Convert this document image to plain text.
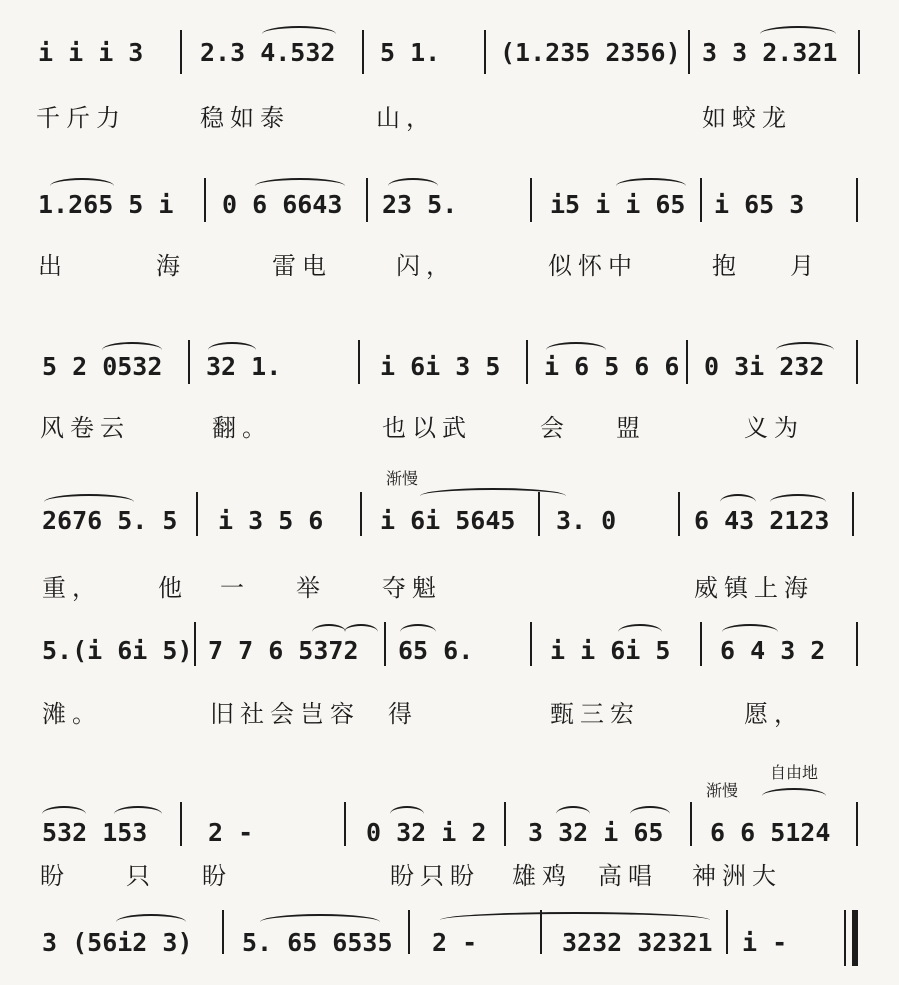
i i i 3 2.3 4.532 5 1. (1.235 2356) 3 3 2.321
千斤力	稳如泰	山，	如蛟龙
1.265 5 i 0 6 6643 23 5.	i5 i i 65 i 65 3
出	海	雷电	闪，	似怀中	抱 月
5 2 0532 32 1.	i 6i 3 5 i 6 5 6 6 0 3i 232
风卷云	翻。	也以武	会 盟	义为
渐慢
2676 5. 5 i 3 5 6 i 6i 5645 3. 0	6 43 2123
重， 他 一 举 夺魁	威镇上海
5.(i 6i 5) 7 7 6 5372 65 6.	i i 6i 5 6 4 3 2
滩。	旧社会岂容 得	甄三宏	愿，
渐慢
自由地
532 153 2 -	0 32 i 2 3 32 i 65 6 6 5124
盼 只 盼	盼只盼 雄鸡 高唱 神洲大
3 (56i2 3) 5. 65 6535 2 -	3232 32321 i -
